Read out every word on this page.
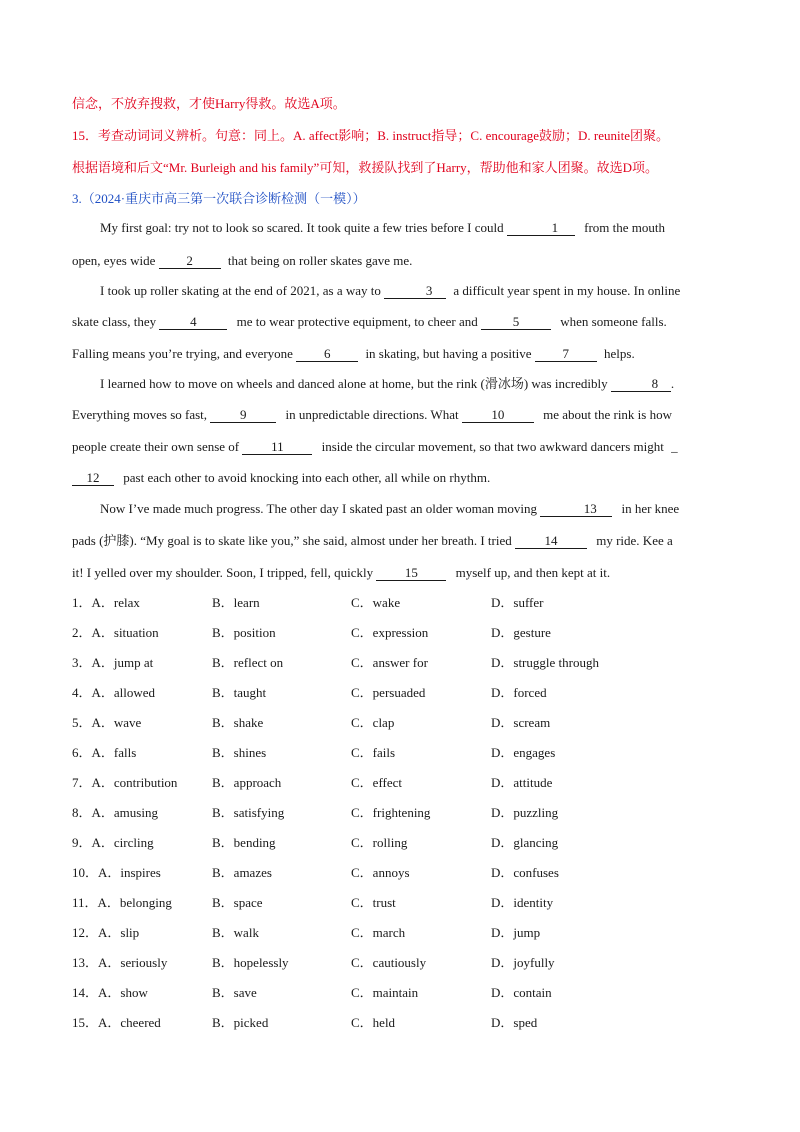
信念，不放弃搜救，才使Harry得救。故选A项。
15．考查动词词义辨析。句意：同上。A. affect影响；B. instruct指导；C. encourage鼓励；D. reunite团聚。
根据语境和后文“Mr. Burleigh and his family”可知，救援队找到了Harry，帮助他和家人团聚。故选D项。
3.（2024·重庆市高三第一次联合诊断检测（一模））
My first goal: try not to look so scared. It took quite a few tries before I could	1 from the mouth
open, eyes wide 2	that being on roller skates gave me.
I took up roller skating at the end of 2021, as a way to	3 a difficult year spent in my house. In online
skate class, they	4	me to wear protective equipment, to cheer and	5	when someone falls.
Falling means you’re trying, and everyone 6	in skating, but having a positive 7	helps.
I learned how to move on wheels and danced alone at home, but the rink (滑冰场) was incredibly	8 .
Everything moves so fast,	9	in unpredictable directions. What	10	me about the rink is how
people create their own sense of 11	inside the circular movement, so that two awkward dancers might _
12 past each other to avoid knocking into each other, all while on rhythm.
Now I’ve made much progress. The other day I skated past an older woman moving	13 in her knee
pads (护膝). “My goal is to skate like you,” she said, almost under her breath. I tried	14	my ride. Kee a
it! I yelled over my shoulder. Soon, I tripped, fell, quickly 15	myself up, and then kept at it.
1．A．relax	B．learn	C．wake	D．suffer
2．A．situation	B．position	C．expression	D．gesture
3．A．jump at	B．reflect on	C．answer for	D．struggle through
4．A．allowed	B．taught	C．persuaded	D．forced
5．A．wave	B．shake	C．clap	D．scream
6．A．falls	B．shines	C．fails	D．engages
7．A．contribution	B．approach	C．effect	D．attitude
8．A．amusing	B．satisfying	C．frightening	D．puzzling
9．A．circling	B．bending	C．rolling	D．glancing
10．A．inspires	B．amazes	C．annoys	D．confuses
11．A．belonging	B．space	C．trust	D．identity
12．A．slip	B．walk	C．march	D．jump
13．A．seriously	B．hopelessly	C．cautiously	D．joyfully
14．A．show	B．save	C．maintain	D．contain
15．A．cheered	B．picked	C．held	D．sped
